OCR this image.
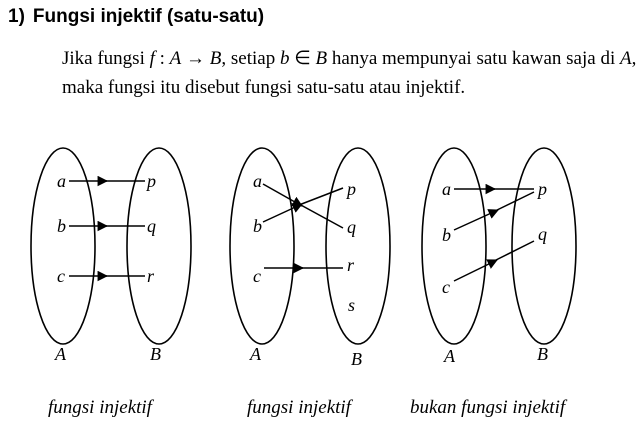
1) Fungsi injektif (satu-satu)
Jika fungsi f : A → B, setiap b ∈ B hanya mempunyai satu kawan saja di A,
maka fungsi itu disebut fungsi satu-satu atau injektif.
a
b
c
p
q
r
A	B
fungsi injektif
a
b
c
p
q
r
s
A	B
fungsi injektif
a
b
c
p
q
A	B
bukan fungsi injektif
